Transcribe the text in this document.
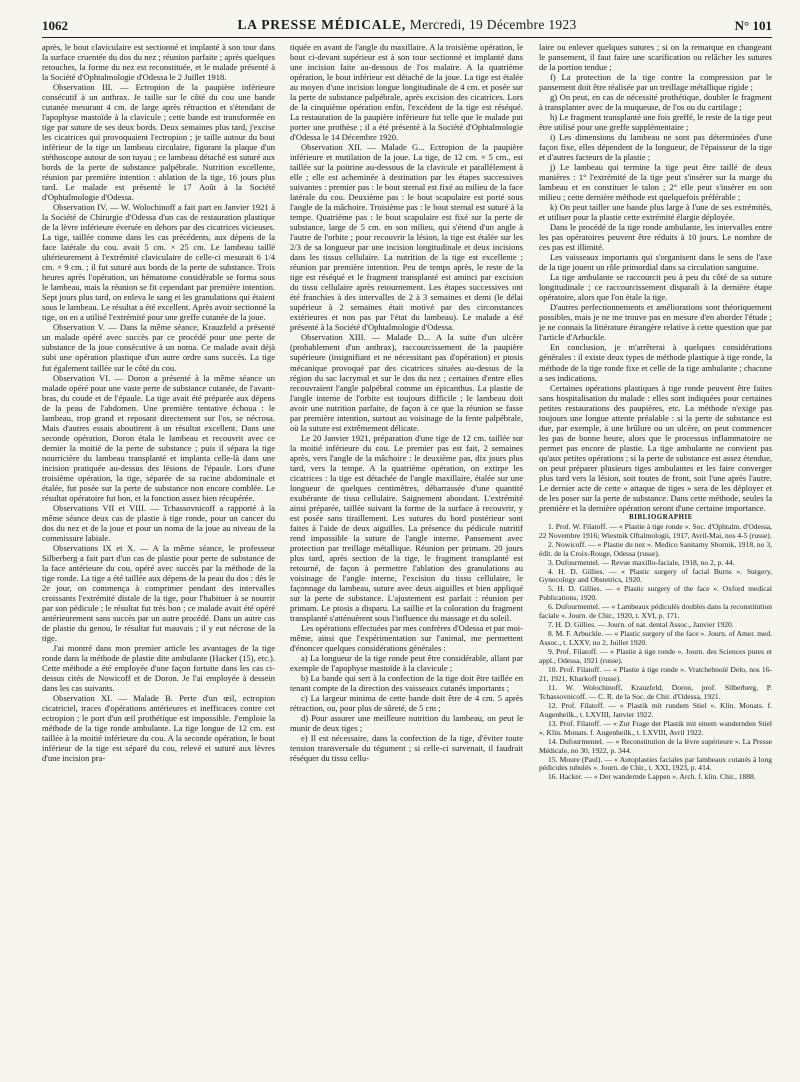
1062	LA PRESSE MÉDICALE, Mercredi, 19 Décembre 1923	N° 101

après, le bout claviculaire est sectionné et implanté à son tour dans la surface cruentée du dos du nez ; réunion parfaite ; après quelques retouches, la forme du nez est reconstituée, et le malade présenté à la Société d'Ophtalmologie d'Odessa le 2 Juillet 1918.

Observation III. — Ectropion de la paupière inférieure consécutif à un anthrax. Je taille sur le côté du cou une bande cutanée mesurant 4 cm. de large après rétraction et s'étendant de l'apophyse mastoïde à la clavicule ; cette bande est transformée en tige par suture de ses deux bords. Deux semaines plus tard, j'excise les cicatrices qui provoquaient l'ectropion ; je taille autour du bout inférieur de la tige un lambeau circulaire, figurant la plaque d'un stéthoscope autour de son tuyau ; ce lambeau détaché est suturé aux bords de la perte de substance palpébrale. Nutrition excellente, réunion par première intention : ablation de la tige, 16 jours plus tard. Le malade est présenté le 17 Août à la Société d'Ophtalmologie d'Odessa.

Observation IV. — W. Wolochinoff a fait part en Janvier 1921 à la Société de Chirurgie d'Odessa d'un cas de restauration plastique de la lèvre inférieure éversée en dehors par des cicatrices vicieuses. La tige, taillée comme dans les cas précédents, aux dépens de la face latérale du cou. avait 5 cm. × 25 cm. Le lambeau taillé ultérieurement à l'extrémité claviculaire de celle-ci mesurait 6 1/4 cm. × 9 cm. ; il fut suturé aux bords de la perte de substance. Trois heures après l'opération, un hématome considérable se forma sous le lambeau, mais la réunion se fit cependant par première intention. Sept jours plus tard, on enleva le sang et les granulations qui étaient sous le lambeau. Le résultat a été excellent. Après avoir sectionné la tige, on en a utilisé l'extrémité pour une greffe cutanée de la joue.

Observation V. — Dans la même séance, Krauzfeld a présenté un malade opéré avec succès par ce procédé pour une perte de substance de la joue consécutive à un noma. Ce malade avait déjà subi une opération plastique d'un autre ordre sans succès. La tige fut également taillée sur le côté du cou.

Observation VI. — Doron a présenté à la même séance un malade opéré pour une vaste perte de substance cutanée, de l'avant-bras, du coude et de l'épaule. La tige avait été préparée aux dépens de la peau de l'abdomen. Une première tentative échoua : le lambeau, trop grand et reposant directement sur l'os, se nécrosa. Mais d'autres essais aboutirent à un résultat excellent. Dans une seconde opération, Doron étala le lambeau et recouvrit avec ce dernier la moitié de la perte de substance ; puis il sépara la tige nourricière du lambeau transplanté et implanta celle-là dans une incision pratiquée au-dessus des lésions de l'épaule. Lors d'une troisième opération, la tige, séparée de sa racine abdominale et étalée, fut posée sur la perte de substance non encore comblée. Le résultat opératoire fut bon, et la fonction assez bien récupérée.

Observations VII et VIII. — Tchassovnicoff a rapporté à la même séance deux cas de plastie à tige ronde, pour un cancer du dos du nez et de la joue et pour un noma de la joue au niveau de la commissure labiale.

Observations IX et X. — A la même séance, le professeur Silberberg a fait part d'un cas de plastie pour perte de substance de la face antérieure du cou, opéré avec succès par la méthode de la tige ronde. La tige a été taillée aux dépens de la peau du dos : dès le 2e jour, on commença à comprimer pendant des intervalles croissants l'extrémité distale de la tige, pour l'habituer à se nourrir par son pédicule ; le résultat fut très bon ; ce malade avait été opéré antérieurement sans succès par un autre procédé. Dans un autre cas de plastie du genou, le résultat fut mauvais ; il y eut nécrose de la tige.

J'ai montré dans mon premier article les avantages de la tige ronde dans la méthode de plastie dite ambulante (Hacker (15), etc.). Cette méthode a été employée d'une façon fortuite dans les cas ci-dessus cités de Nowicoff et de Doron. Je l'ai employée à dessein dans les cas suivants.

Observation XI. — Malade B. Perte d'un œil, ectropion cicatriciel, traces d'opérations antérieures et inefficaces contre cet ectropion ; le port d'un œil prothétique est impossible. J'emploie la méthode de la tige ronde ambulante. La tige longue de 12 cm. est taillée à la moitié inférieure du cou. A la seconde opération, le bout inférieur de la tige est séparé du cou, relevé et suturé aux lèvres d'une incision pra-

tiquée en avant de l'angle du maxillaire. A la troisième opération, le bout ci-devant supérieur est à son tour sectionné et implanté dans une incision faite au-dessous de l'os malaire. A la quatrième opération, le bout inférieur est détaché de la joue. La tige est étalée au moyen d'une incision longue longitudinale de 4 cm. et posée sur la perte de substance palpébrale, après excision des cicatrices. Lors de la cinquième opération enfin, l'excédent de la tige est réséqué. La restauration de la paupière inférieure fut telle que le malade put porter une prothèse ; il a été présenté à la Société d'Ophtalmologie d'Odessa le 14 Décembre 1920.

Observation XII. — Malade G... Ectropion de la paupière inférieure et mutilation de la joue. La tige, de 12 cm. × 5 cm., est taillée sur la poitrine au-dessous de la clavicule et parallèlement à elle ; elle est acheminée à destination par les étapes successives suivantes : premier pas : le bout sternal est fixé au milieu de la face latérale du cou. Deuxième pas : le bout scapulaire est porté sous l'angle de la mâchoire. Troisième pas : le bout sternal est suturé à la tempe. Quatrième pas : le bout scapulaire est fixé sur la perte de substance, large de 5 cm. en son milieu, qui s'étend d'un angle à l'autre de l'orbite ; pour recouvrir la lésion, la tige est étalée sur les 2/3 de sa longueur par une incision longitudinale et deux incisions dans les tissus cellulaire. La nutrition de la tige est excellente ; réunion par première intention. Peu de temps après, le reste de la tige est réséqué et le fragment transplanté est aminci par excision du tissu cellulaire après retournement. Les étapes successives ont été franchies à des intervalles de 2 à 3 semaines et demi (le délai supérieur à 2 semaines était motivé par des circonstances extérieures et non pas par l'état du lambeau). Le malade a été présenté à la Société d'Ophtalmologie d'Odessa.

Observation XIII. — Malade D... A la suite d'un ulcère (probablement d'un anthrax), raccourcissement de la paupière supérieure (insignifiant et ne nécessitant pas d'opération) et ptosis mécanique provoqué par des cicatrices situées au-dessus de la région du sac lacrymal et sur le dos du nez ; certaines d'entre elles recouvraient l'angle palpébral comme un épicanthus. La plastie de l'angle interne de l'orbite est toujours difficile ; le lambeau doit avoir une nutrition parfaite, de façon à ce que la réunion se fasse par première intention, surtout au voisinage de la fente palpébrale, où la suture est extrêmement délicate.

Le 20 Janvier 1921, préparation d'une tige de 12 cm. taillée sur la moitié inférieure du cou. Le premier pas est fait, 2 semaines après, vers l'angle de la mâchoire : le deuxième pas, dix jours plus tard, vers la tempe. A la quatrième opération, on extirpe les cicatrices : la tige est détachée de l'angle maxillaire, étalée sur une longueur de quelques centimètres, débarrassée d'une quantité exubérante de tissu cellulaire. Saignement abondant. L'extrémité ainsi préparée, taillée suivant la forme de la surface à recouvrir, y est posée sans tiraillement. Les sutures du bord postérieur sont faites à l'aide de deux aiguilles. La présence du pédicule nutritif rend impossible la suture de l'angle interne. Pansement avec protection par treillage métallique. Réunion per primam. 20 jours plus tard, après section de la tige, le fragment transplanté est retourné, de façon à permettre l'ablation des granulations au voisinage de l'angle interne, l'excision du tissu cellulaire, le façonnage du lambeau, suture avec deux aiguilles et bien appliqué sur la perte de substance. L'ajustement est parfait : réunion per primam. Le ptosis a disparu. La saillie et la coloration du fragment transplanté s'atténuèrent sous l'influence du massage et du soleil.

Les opérations effectuées par mes confrères d'Odessa et par moi-même, ainsi que l'expérimentation sur l'animal, me permettent d'énoncer quelques considérations générales :

a) La longueur de la tige ronde peut être considérable, allant par exemple de l'apophyse mastoïde à la clavicule ;

b) La bande qui sert à la confection de la tige doit être taillée en tenant compte de la direction des vaisseaux cutanés importants ;

c) La largeur minima de cette bande doit être de 4 cm. 5 après rétraction, ou, pour plus de sûreté, de 5 cm ;

d) Pour assurer une meilleure nutrition du lambeau, on peut le munir de deux tiges ;

e) Il est nécessaire, dans la confection de la tige, d'éviter toute tension transversale du tégument ; si celle-ci survenait, il faudrait réséquer du tissu cellu-

laire ou enlever quelques sutures ; si on la remarque en changeant le pansement, il faut faire une scarification ou relâcher les sutures de la portion tendue ;

f) La protection de la tige contre la compression par le pansement doit être réalisée par un treillage métallique rigide ;

g) On peut, en cas de nécessité prothétique, doubler le fragment à transplanter avec de la muqueuse, de l'os ou du cartilage ;

h) Le fragment transplanté une fois greffé, le reste de la tige peut être utilisé pour une greffe supplémentaire ;

i) Les dimensions du lambeau ne sont pas déterminées d'une façon fixe, elles dépendent de la longueur, de l'épaisseur de la tige et d'autres facteurs de la plastie ;

j) Le lambeau qui termine la tige peut être taillé de deux manières : 1° l'extrémité de la tige peut s'insérer sur la marge du lambeau et en constituer le talon ; 2° elle peut s'insérer en son milieu ; cette dernière méthode est quelquefois préférable ;

k) On peut tailler une bande plus large à l'une de ses extrémités, et utiliser pour la plastie cette extrémité élargie déployée.

Dans le procédé de la tige ronde ambulante, les intervalles entre les pas opératoires peuvent être réduits à 10 jours. Le nombre de ces pas est illimité.

Les vaisseaux importants qui s'organisent dans le sens de l'axe de la tige jouent un rôle primordial dans sa circulation sanguine.

La tige ambulante se raccourcit peu à peu du côté de sa suture longitudinale ; ce raccourcissement disparaît à la dernière étape opératoire, alors que l'on étale la tige.

D'autres perfectionnements et améliorations sont théoriquement possibles, mais je ne me trouve pas en mesure d'en aborder l'étude ; je ne connais la littérature étrangère relative à cette question que par l'article d'Arbuckle.

En conclusion, je m'arrêterai à quelques considérations générales : il existe deux types de méthode plastique à tige ronde, la méthode de la tige ronde fixe et celle de la tige ambulante ; chacune a ses indications.

Certaines opérations plastiques à tige ronde peuvent être faites sans hospitalisation du malade : elles sont indiquées pour certaines petites restaurations des paupières, etc. La méthode n'exige pas toujours une longue attente préalable : si la perte de substance est due, par exemple, à une brûlure ou un ulcère, on peut commencer les pas de bonne heure, alors que le processus inflammatoire ne permet pas encore de plastie. La tige ambulante ne convient pas qu'aux petites opérations ; si la perte de substance est assez étendue, on peut préparer plusieurs tiges ambulantes et les faire converger plus tard vers la lésion, soit toutes de front, soit l'une après l'autre. Le dernier acte de cette « attaque de tiges » sera de les déployer et de les poser sur la perte de substance. Dans cette méthode, seules la première et la dernière opération seront d'une certaine importance.

BIBLIOGRAPHIE

1. Prof. W. Filatoff. — « Plastie à tige ronde ». Soc. d'Ophtalm. d'Odessa, 22 Novembre 1916; Wiestnik Oftalmologii, 1917, Avril-Mai, nos 4-5 (russe).

2. Nowicoff. — « Plastie du nez ». Medico Sanitarny Sbornik, 1918, no 3, édit. de la Croix-Rouge, Odessa (russe).

3. Dufourmentel. — Revue maxillo-faciale, 1918, no 2, p. 44.

4. H. D. Gillies. — « Plastic surgery of facial Burns ». Surgery, Gynecology and Obstetrics, 1920.

5. H. D. Gillies. — « Plastic surgery of the face ». Oxford medical Publications, 1920.

6. Dufourmentel. — « Lambeaux pédiculés doubles dans la reconstitution faciale ». Journ. de Chir., 1920, t. XVI, p. 171.

7. H. D. Gillies. — Journ. of nat. dental Assoc., Janvier 1920.

8. M. F. Arbuckle. — « Plastic surgery of the face ». Journ. of Amer. med. Assoc., t. LXXV, no 2, Juillet 1920.

9. Prof. Filatoff. — « Plastie à tige ronde ». Journ. des Sciences pures et appl., Odessa, 1921 (russe).

10. Prof. Filatoff. — « Plastie à tige ronde ». Vratchebnoïé Delo, nos 16-21, 1921, Kharkoff (russe).

11. W. Wolochinoff, Krauzfeld, Doron, prof. Silberberg, P. Tchassovnicoff. — C. R. de la Soc. de Chir. d'Odessa, 1921.

12. Prof. Filatoff. — « Plastik mit rundem Stiel ». Klin. Monats. f. Augenheilk., t. LXVIII, Janvier 1922.

13. Prof. Filatoff. — « Zur Frage der Plastik mit einem wandernden Stiel ». Klin. Monats. f. Augenheilk., t. LXVIII, Avril 1922.

14. Dufourmentel. — « Reconstitution de la lèvre supérieure ». La Presse Médicale, no 30, 1922, p. 344.

15. Moure (Paul). — « Autoplasties faciales par lambeaux cutanés à long pédicules tubulés ». Journ. de Chir., t. XXI, 1923, p. 414.

16. Hacker. — « Der wandernde Lappen ». Arch. f. klin. Chir., 1888.
